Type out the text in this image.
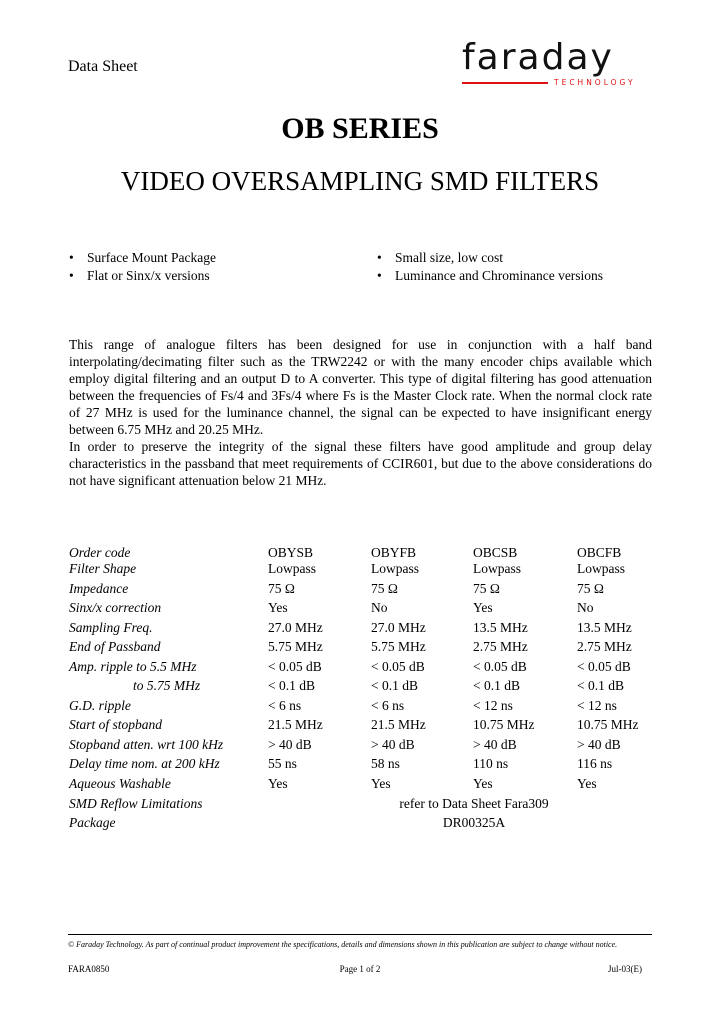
Data Sheet	faraday
TECHNOLOGY
OB SERIES
VIDEO OVERSAMPLING SMD FILTERS
• Surface Mount Package	• Small size, low cost
• Flat or Sinx/x versions	• Luminance and Chrominance versions

This range of analogue filters has been designed for use in conjunction with a half band interpolating/decimating filter such as the TRW2242 or with the many encoder chips available which employ digital filtering and an output D to A converter. This type of digital filtering has good attenuation between the frequencies of Fs/4 and 3Fs/4 where Fs is the Master Clock rate. When the normal clock rate of 27 MHz is used for the luminance channel, the signal can be expected to have insignificant energy between 6.75 MHz and 20.25 MHz.

In order to preserve the integrity of the signal these filters have good amplitude and group delay characteristics in the passband that meet requirements of CCIR601, but due to the above considerations do not have significant attenuation below 21 MHz.

Order code	OBYSB	OBYFB	OBCSB	OBCFB
Filter Shape	Lowpass	Lowpass	Lowpass	Lowpass
Impedance	75 Ω	75 Ω	75 Ω	75 Ω
Sinx/x correction	Yes	No	Yes	No
Sampling Freq.	27.0 MHz	27.0 MHz	13.5 MHz	13.5 MHz
End of Passband	5.75 MHz	5.75 MHz	2.75 MHz	2.75 MHz
Amp. ripple to 5.5 MHz	< 0.05 dB	< 0.05 dB	< 0.05 dB	< 0.05 dB
to 5.75 MHz	< 0.1 dB	< 0.1 dB	< 0.1 dB	< 0.1 dB
G.D. ripple	< 6 ns	< 6 ns	< 12 ns	< 12 ns
Start of stopband	21.5 MHz	21.5 MHz	10.75 MHz	10.75 MHz
Stopband atten. wrt 100 kHz	> 40 dB	> 40 dB	> 40 dB	> 40 dB
Delay time nom. at 200 kHz	55 ns	58 ns	110 ns	116 ns
Aqueous Washable	Yes	Yes	Yes	Yes
SMD Reflow Limitations	refer to Data Sheet Fara309
Package	DR00325A
© Faraday Technology. As part of continual product improvement the specifications, details and dimensions shown in this publication are subject to change without notice.
FARA0850	Page 1 of 2	Jul-03(E)
